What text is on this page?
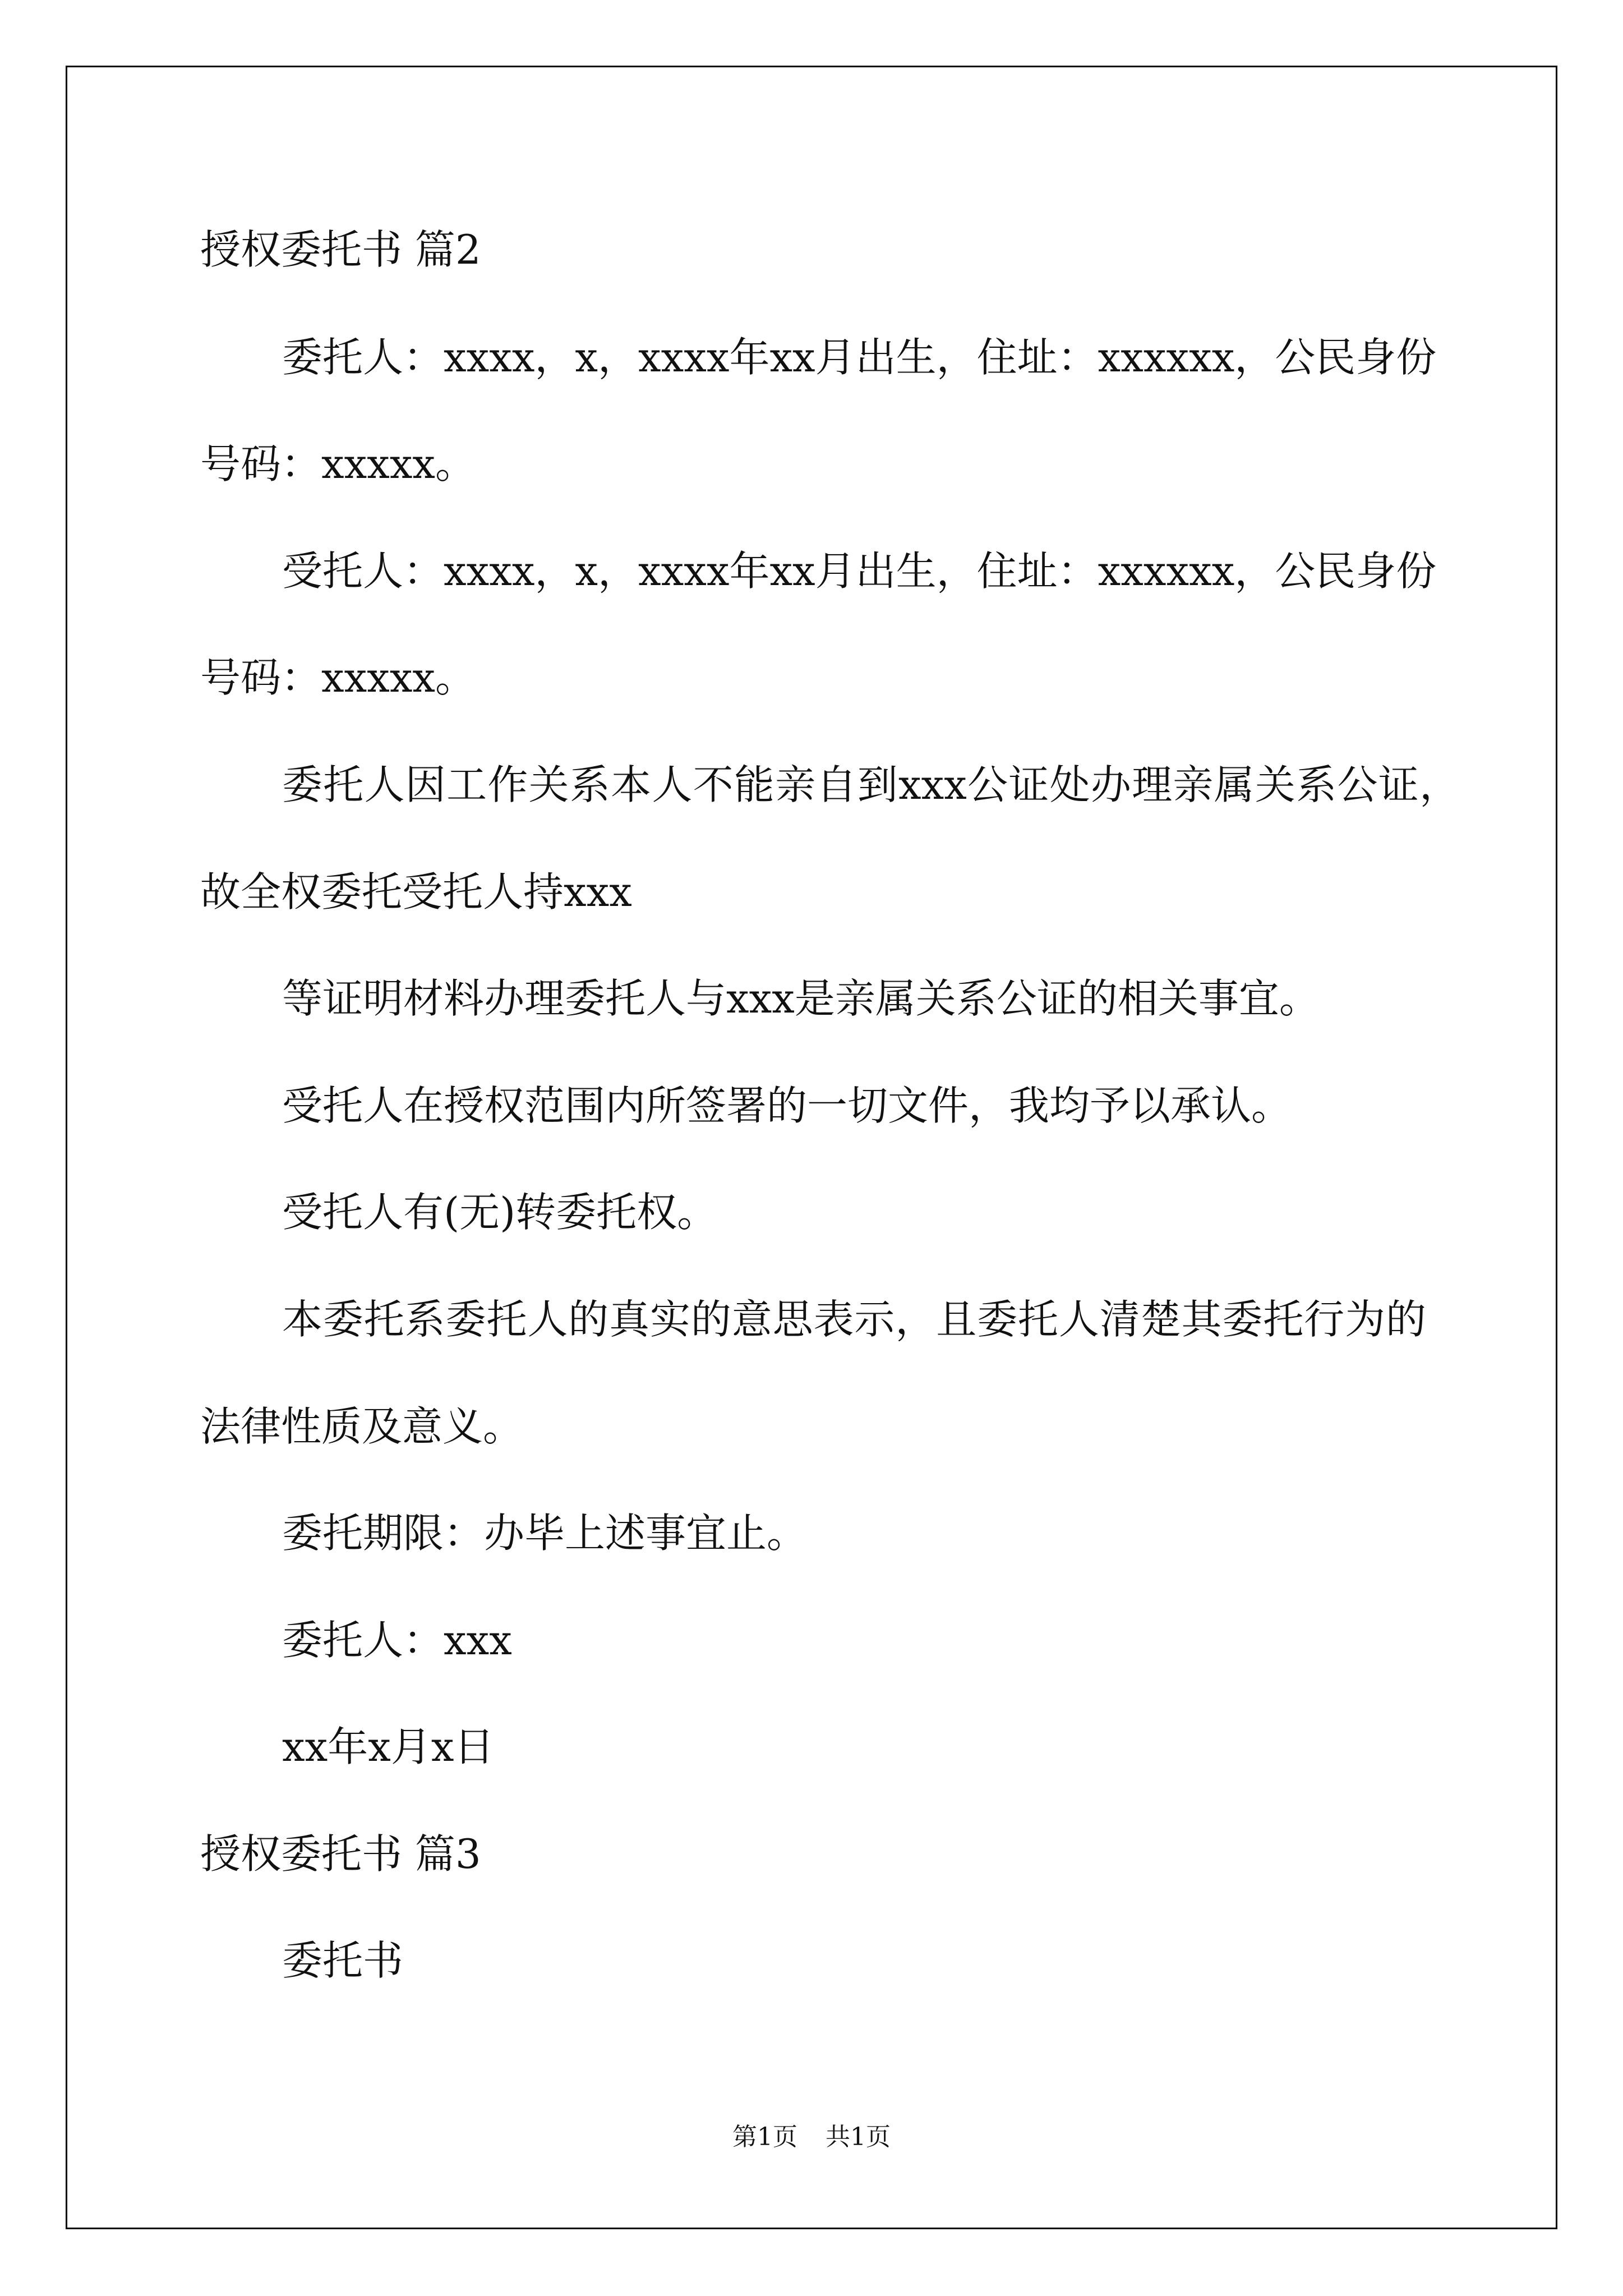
授权委托书 篇2

委托人：xxxx，x，xxxx年xx月出生，住址：xxxxxx，公民身份

号码：xxxxx。

受托人：xxxx，x，xxxx年xx月出生，住址：xxxxxx，公民身份

号码：xxxxx。

委托人因工作关系本人不能亲自到xxx公证处办理亲属关系公证，

故全权委托受托人持xxx

等证明材料办理委托人与xxx是亲属关系公证的相关事宜。

受托人在授权范围内所签署的一切文件，我均予以承认。

受托人有(无)转委托权。

本委托系委托人的真实的意思表示，且委托人清楚其委托行为的

法律性质及意义。

委托期限：办毕上述事宜止。

委托人：xxx

xx年x月x日

授权委托书 篇3

委托书

第1页 共1页
